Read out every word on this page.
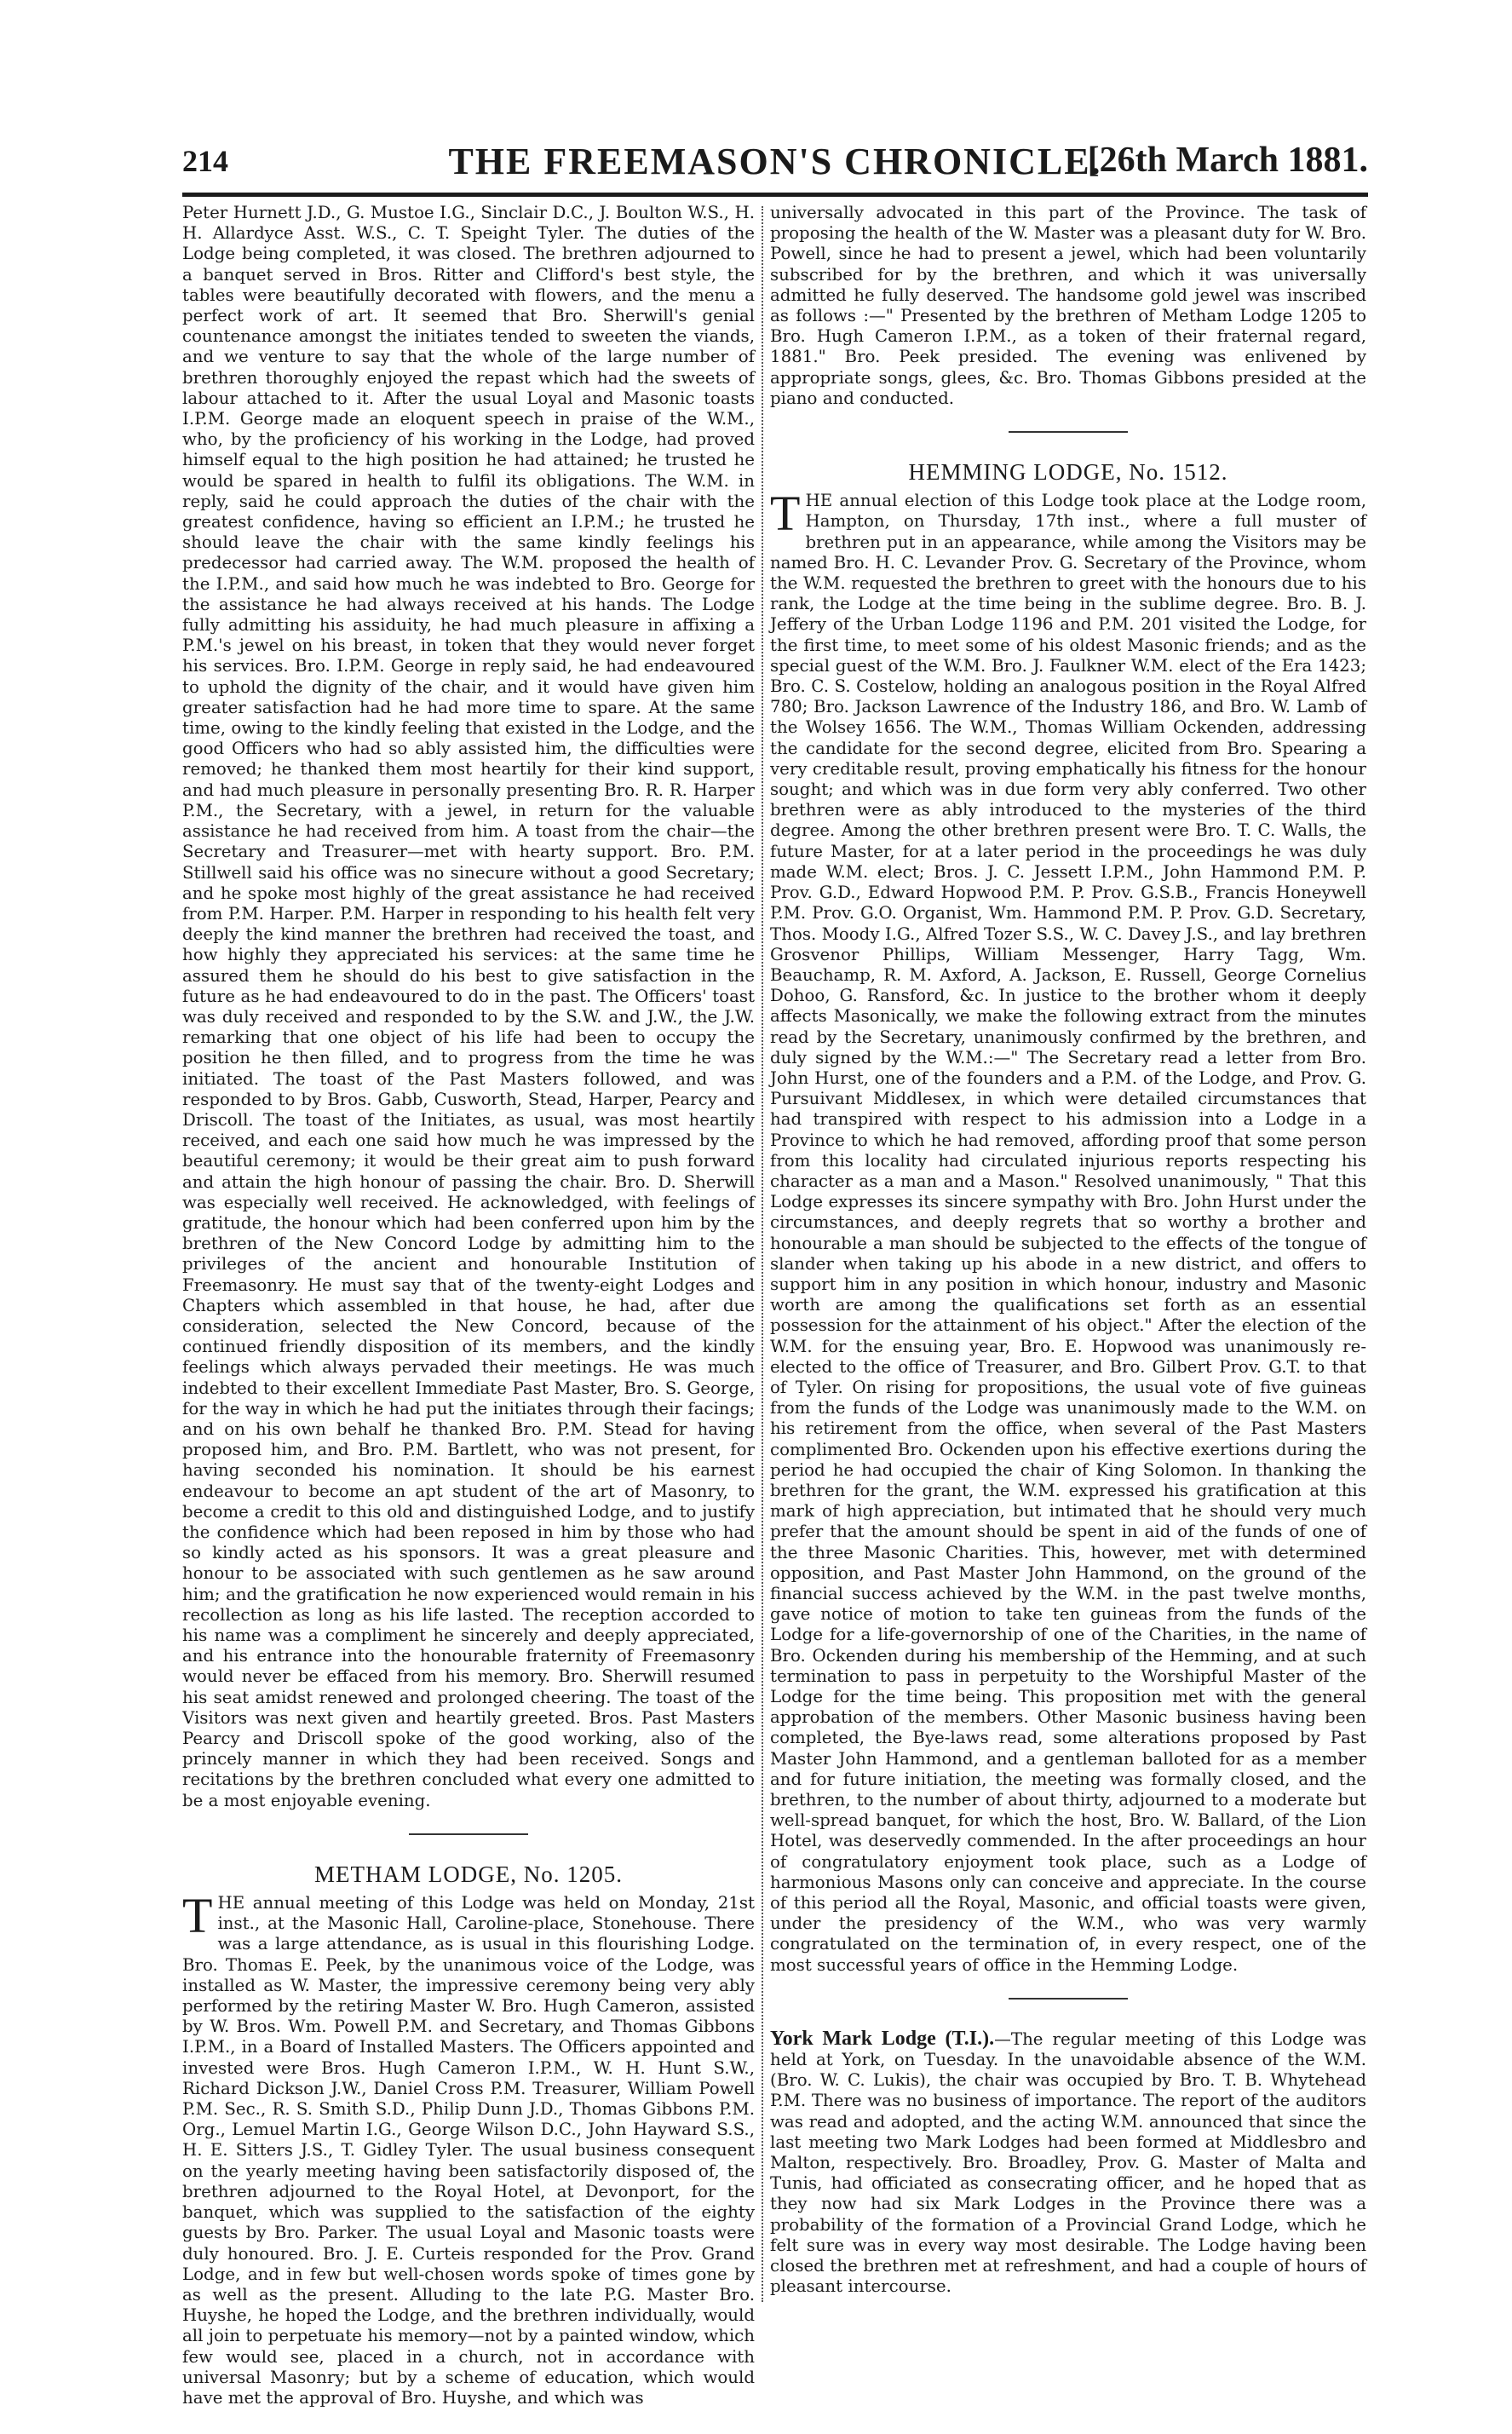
214	THE FREEMASON'S CHRONICLE.
[26th March 1881.

Peter Hurnett J.D., G. Mustoe I.G., Sinclair D.C., J. Boulton W.S., H. H. Allardyce Asst. W.S., C. T. Speight Tyler. The duties of the Lodge being completed, it was closed. The brethren adjourned to a banquet served in Bros. Ritter and Clifford's best style, the tables were beautifully decorated with flowers, and the menu a perfect work of art. It seemed that Bro. Sherwill's genial countenance amongst the initiates tended to sweeten the viands, and we venture to say that the whole of the large number of brethren thoroughly enjoyed the repast which had the sweets of labour attached to it. After the usual Loyal and Masonic toasts I.P.M. George made an eloquent speech in praise of the W.M., who, by the proficiency of his working in the Lodge, had proved himself equal to the high position he had attained; he trusted he would be spared in health to fulfil its obligations. The W.M. in reply, said he could approach the duties of the chair with the greatest confidence, having so efficient an I.P.M.; he trusted he should leave the chair with the same kindly feelings his predecessor had carried away. The W.M. proposed the health of the I.P.M., and said how much he was indebted to Bro. George for the assistance he had always received at his hands. The Lodge fully admitting his assiduity, he had much pleasure in affixing a P.M.'s jewel on his breast, in token that they would never forget his services. Bro. I.P.M. George in reply said, he had endeavoured to uphold the dignity of the chair, and it would have given him greater satisfaction had he had more time to spare. At the same time, owing to the kindly feeling that existed in the Lodge, and the good Officers who had so ably assisted him, the difficulties were removed; he thanked them most heartily for their kind support, and had much pleasure in personally presenting Bro. R. R. Harper P.M., the Secretary, with a jewel, in return for the valuable assistance he had received from him. A toast from the chair—the Secretary and Treasurer—met with hearty support. Bro. P.M. Stillwell said his office was no sinecure without a good Secretary; and he spoke most highly of the great assistance he had received from P.M. Harper. P.M. Harper in responding to his health felt very deeply the kind manner the brethren had received the toast, and how highly they appreciated his services: at the same time he assured them he should do his best to give satisfaction in the future as he had endeavoured to do in the past. The Officers' toast was duly received and responded to by the S.W. and J.W., the J.W. remarking that one object of his life had been to occupy the position he then filled, and to progress from the time he was initiated. The toast of the Past Masters followed, and was responded to by Bros. Gabb, Cusworth, Stead, Harper, Pearcy and Driscoll. The toast of the Initiates, as usual, was most heartily received, and each one said how much he was impressed by the beautiful ceremony; it would be their great aim to push forward and attain the high honour of passing the chair. Bro. D. Sherwill was especially well received. He acknowledged, with feelings of gratitude, the honour which had been conferred upon him by the brethren of the New Concord Lodge by admitting him to the privileges of the ancient and honourable Institution of Freemasonry. He must say that of the twenty-eight Lodges and Chapters which assembled in that house, he had, after due consideration, selected the New Concord, because of the continued friendly disposition of its members, and the kindly feelings which always pervaded their meetings. He was much indebted to their excellent Immediate Past Master, Bro. S. George, for the way in which he had put the initiates through their facings; and on his own behalf he thanked Bro. P.M. Stead for having proposed him, and Bro. P.M. Bartlett, who was not present, for having seconded his nomination. It should be his earnest endeavour to become an apt student of the art of Masonry, to become a credit to this old and distinguished Lodge, and to justify the confidence which had been reposed in him by those who had so kindly acted as his sponsors. It was a great pleasure and honour to be associated with such gentlemen as he saw around him; and the gratification he now experienced would remain in his recollection as long as his life lasted. The reception accorded to his name was a compliment he sincerely and deeply appreciated, and his entrance into the honourable fraternity of Freemasonry would never be effaced from his memory. Bro. Sherwill resumed his seat amidst renewed and prolonged cheering. The toast of the Visitors was next given and heartily greeted. Bros. Past Masters Pearcy and Driscoll spoke of the good working, also of the princely manner in which they had been received. Songs and recitations by the brethren concluded what every one admitted to be a most enjoyable evening.

METHAM LODGE, No. 1205.

THE annual meeting of this Lodge was held on Monday, 21st inst., at the Masonic Hall, Caroline-place, Stonehouse. There was a large attendance, as is usual in this flourishing Lodge. Bro. Thomas E. Peek, by the unanimous voice of the Lodge, was installed as W. Master, the impressive ceremony being very ably performed by the retiring Master W. Bro. Hugh Cameron, assisted by W. Bros. Wm. Powell P.M. and Secretary, and Thomas Gibbons I.P.M., in a Board of Installed Masters. The Officers appointed and invested were Bros. Hugh Cameron I.P.M., W. H. Hunt S.W., Richard Dickson J.W., Daniel Cross P.M. Treasurer, William Powell P.M. Sec., R. S. Smith S.D., Philip Dunn J.D., Thomas Gibbons P.M. Org., Lemuel Martin I.G., George Wilson D.C., John Hayward S.S., H. E. Sitters J.S., T. Gidley Tyler. The usual business consequent on the yearly meeting having been satisfactorily disposed of, the brethren adjourned to the Royal Hotel, at Devonport, for the banquet, which was supplied to the satisfaction of the eighty guests by Bro. Parker. The usual Loyal and Masonic toasts were duly honoured. Bro. J. E. Curteis responded for the Prov. Grand Lodge, and in few but well-chosen words spoke of times gone by as well as the present. Alluding to the late P.G. Master Bro. Huyshe, he hoped the Lodge, and the brethren individually, would all join to perpetuate his memory—not by a painted window, which few would see, placed in a church, not in accordance with universal Masonry; but by a scheme of education, which would have met the approval of Bro. Huyshe, and which was

universally advocated in this part of the Province. The task of proposing the health of the W. Master was a pleasant duty for W. Bro. Powell, since he had to present a jewel, which had been voluntarily subscribed for by the brethren, and which it was universally admitted he fully deserved. The handsome gold jewel was inscribed as follows :—" Presented by the brethren of Metham Lodge 1205 to Bro. Hugh Cameron I.P.M., as a token of their fraternal regard, 1881." Bro. Peek presided. The evening was enlivened by appropriate songs, glees, &c. Bro. Thomas Gibbons presided at the piano and conducted.

HEMMING LODGE, No. 1512.

THE annual election of this Lodge took place at the Lodge room, Hampton, on Thursday, 17th inst., where a full muster of brethren put in an appearance, while among the Visitors may be named Bro. H. C. Levander Prov. G. Secretary of the Province, whom the W.M. requested the brethren to greet with the honours due to his rank, the Lodge at the time being in the sublime degree. Bro. B. J. Jeffery of the Urban Lodge 1196 and P.M. 201 visited the Lodge, for the first time, to meet some of his oldest Masonic friends; and as the special guest of the W.M. Bro. J. Faulkner W.M. elect of the Era 1423; Bro. C. S. Costelow, holding an analogous position in the Royal Alfred 780; Bro. Jackson Lawrence of the Industry 186, and Bro. W. Lamb of the Wolsey 1656. The W.M., Thomas William Ockenden, addressing the candidate for the second degree, elicited from Bro. Spearing a very creditable result, proving emphatically his fitness for the honour sought; and which was in due form very ably conferred. Two other brethren were as ably introduced to the mysteries of the third degree. Among the other brethren present were Bro. T. C. Walls, the future Master, for at a later period in the proceedings he was duly made W.M. elect; Bros. J. C. Jessett I.P.M., John Hammond P.M. P. Prov. G.D., Edward Hopwood P.M. P. Prov. G.S.B., Francis Honeywell P.M. Prov. G.O. Organist, Wm. Hammond P.M. P. Prov. G.D. Secretary, Thos. Moody I.G., Alfred Tozer S.S., W. C. Davey J.S., and lay brethren Grosvenor Phillips, William Messenger, Harry Tagg, Wm. Beauchamp, R. M. Axford, A. Jackson, E. Russell, George Cornelius Dohoo, G. Ransford, &c. In justice to the brother whom it deeply affects Masonically, we make the following extract from the minutes read by the Secretary, unanimously confirmed by the brethren, and duly signed by the W.M.:—" The Secretary read a letter from Bro. John Hurst, one of the founders and a P.M. of the Lodge, and Prov. G. Pursuivant Middlesex, in which were detailed circumstances that had transpired with respect to his admission into a Lodge in a Province to which he had removed, affording proof that some person from this locality had circulated injurious reports respecting his character as a man and a Mason." Resolved unanimously, " That this Lodge expresses its sincere sympathy with Bro. John Hurst under the circumstances, and deeply regrets that so worthy a brother and honourable a man should be subjected to the effects of the tongue of slander when taking up his abode in a new district, and offers to support him in any position in which honour, industry and Masonic worth are among the qualifications set forth as an essential possession for the attainment of his object." After the election of the W.M. for the ensuing year, Bro. E. Hopwood was unanimously re-elected to the office of Treasurer, and Bro. Gilbert Prov. G.T. to that of Tyler. On rising for propositions, the usual vote of five guineas from the funds of the Lodge was unanimously made to the W.M. on his retirement from the office, when several of the Past Masters complimented Bro. Ockenden upon his effective exertions during the period he had occupied the chair of King Solomon. In thanking the brethren for the grant, the W.M. expressed his gratification at this mark of high appreciation, but intimated that he should very much prefer that the amount should be spent in aid of the funds of one of the three Masonic Charities. This, however, met with determined opposition, and Past Master John Hammond, on the ground of the financial success achieved by the W.M. in the past twelve months, gave notice of motion to take ten guineas from the funds of the Lodge for a life-governorship of one of the Charities, in the name of Bro. Ockenden during his membership of the Hemming, and at such termination to pass in perpetuity to the Worshipful Master of the Lodge for the time being. This proposition met with the general approbation of the members. Other Masonic business having been completed, the Bye-laws read, some alterations proposed by Past Master John Hammond, and a gentleman balloted for as a member and for future initiation, the meeting was formally closed, and the brethren, to the number of about thirty, adjourned to a moderate but well-spread banquet, for which the host, Bro. W. Ballard, of the Lion Hotel, was deservedly commended. In the after proceedings an hour of congratulatory enjoyment took place, such as a Lodge of harmonious Masons only can conceive and appreciate. In the course of this period all the Royal, Masonic, and official toasts were given, under the presidency of the W.M., who was very warmly congratulated on the termination of, in every respect, one of the most successful years of office in the Hemming Lodge.

York Mark Lodge (T.I.).—The regular meeting of this Lodge was held at York, on Tuesday. In the unavoidable absence of the W.M. (Bro. W. C. Lukis), the chair was occupied by Bro. T. B. Whytehead P.M. There was no business of importance. The report of the auditors was read and adopted, and the acting W.M. announced that since the last meeting two Mark Lodges had been formed at Middlesbro and Malton, respectively. Bro. Broadley, Prov. G. Master of Malta and Tunis, had officiated as consecrating officer, and he hoped that as they now had six Mark Lodges in the Province there was a probability of the formation of a Provincial Grand Lodge, which he felt sure was in every way most desirable. The Lodge having been closed the brethren met at refreshment, and had a couple of hours of pleasant intercourse.
